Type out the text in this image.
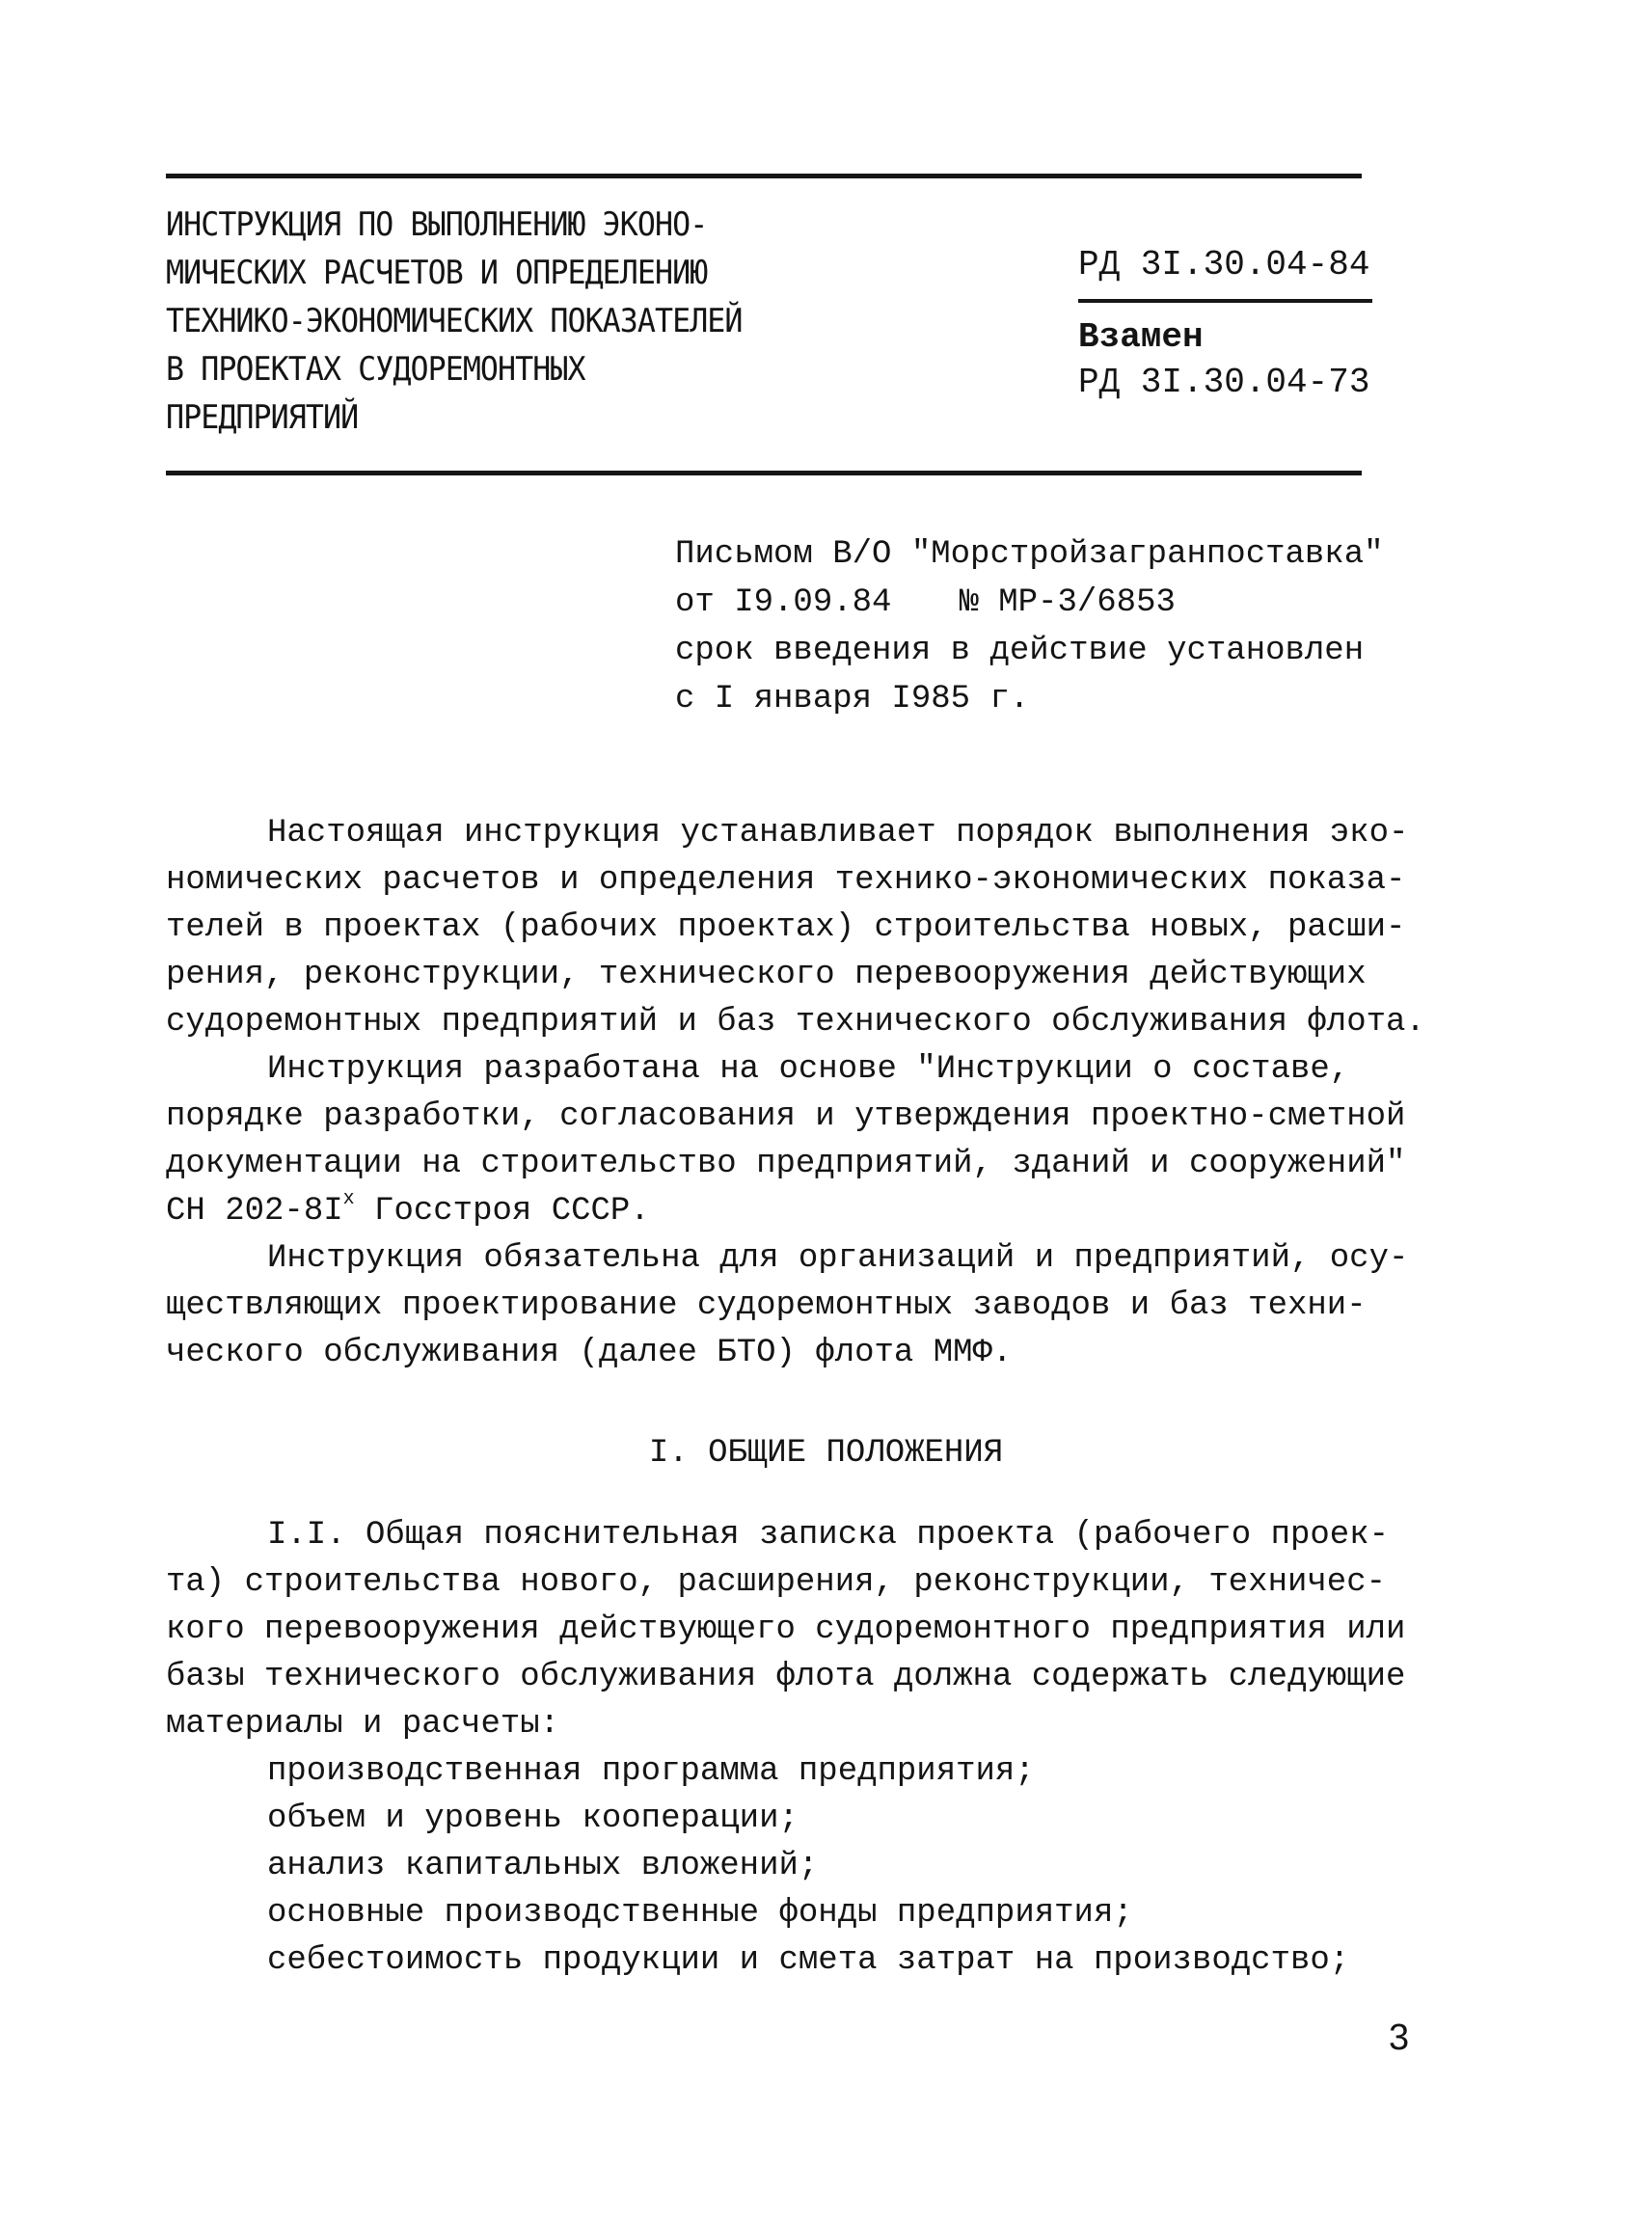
ИНСТРУКЦИЯ ПО ВЫПОЛНЕНИЮ ЭКОНО-
МИЧЕСКИХ РАСЧЕТОВ И ОПРЕДЕЛЕНИЮ
ТЕХНИКО-ЭКОНОМИЧЕСКИХ ПОКАЗАТЕЛЕЙ
В ПРОЕКТАХ СУДОРЕМОНТНЫХ
ПРЕДПРИЯТИЙ
РД 3I.30.04-84
Взамен
РД 3I.30.04-73
Письмом В/О "Морстройзагранпоставка"
от I9.09.84 № МР-3/6853
срок введения в действие установлен
с I января I985 г.
Настоящая инструкция устанавливает порядок выполнения эко-
номических расчетов и определения технико-экономических показа-
телей в проектах (рабочих проектах) строительства новых, расши-
рения, реконструкции, технического перевооружения действующих
судоремонтных предприятий и баз технического обслуживания флота.
Инструкция разработана на основе "Инструкции о составе,
порядке разработки, согласования и утверждения проектно-сметной
документации на строительство предприятий, зданий и сооружений"
СН $202-8I^х$ Госстроя СССР.
Инструкция обязательна для организаций и предприятий, осу-
ществляющих проектирование судоремонтных заводов и баз техни-
ческого обслуживания (далее БТО) флота ММФ.
I. ОБЩИЕ ПОЛОЖЕНИЯ
I.I. Общая пояснительная записка проекта (рабочего проек-
та) строительства нового, расширения, реконструкции, техничес-
кого перевооружения действующего судоремонтного предприятия или
базы технического обслуживания флота должна содержать следующие
материалы и расчеты:
производственная программа предприятия;
объем и уровень кооперации;
анализ капитальных вложений;
основные производственные фонды предприятия;
себестоимость продукции и смета затрат на производство;
3
